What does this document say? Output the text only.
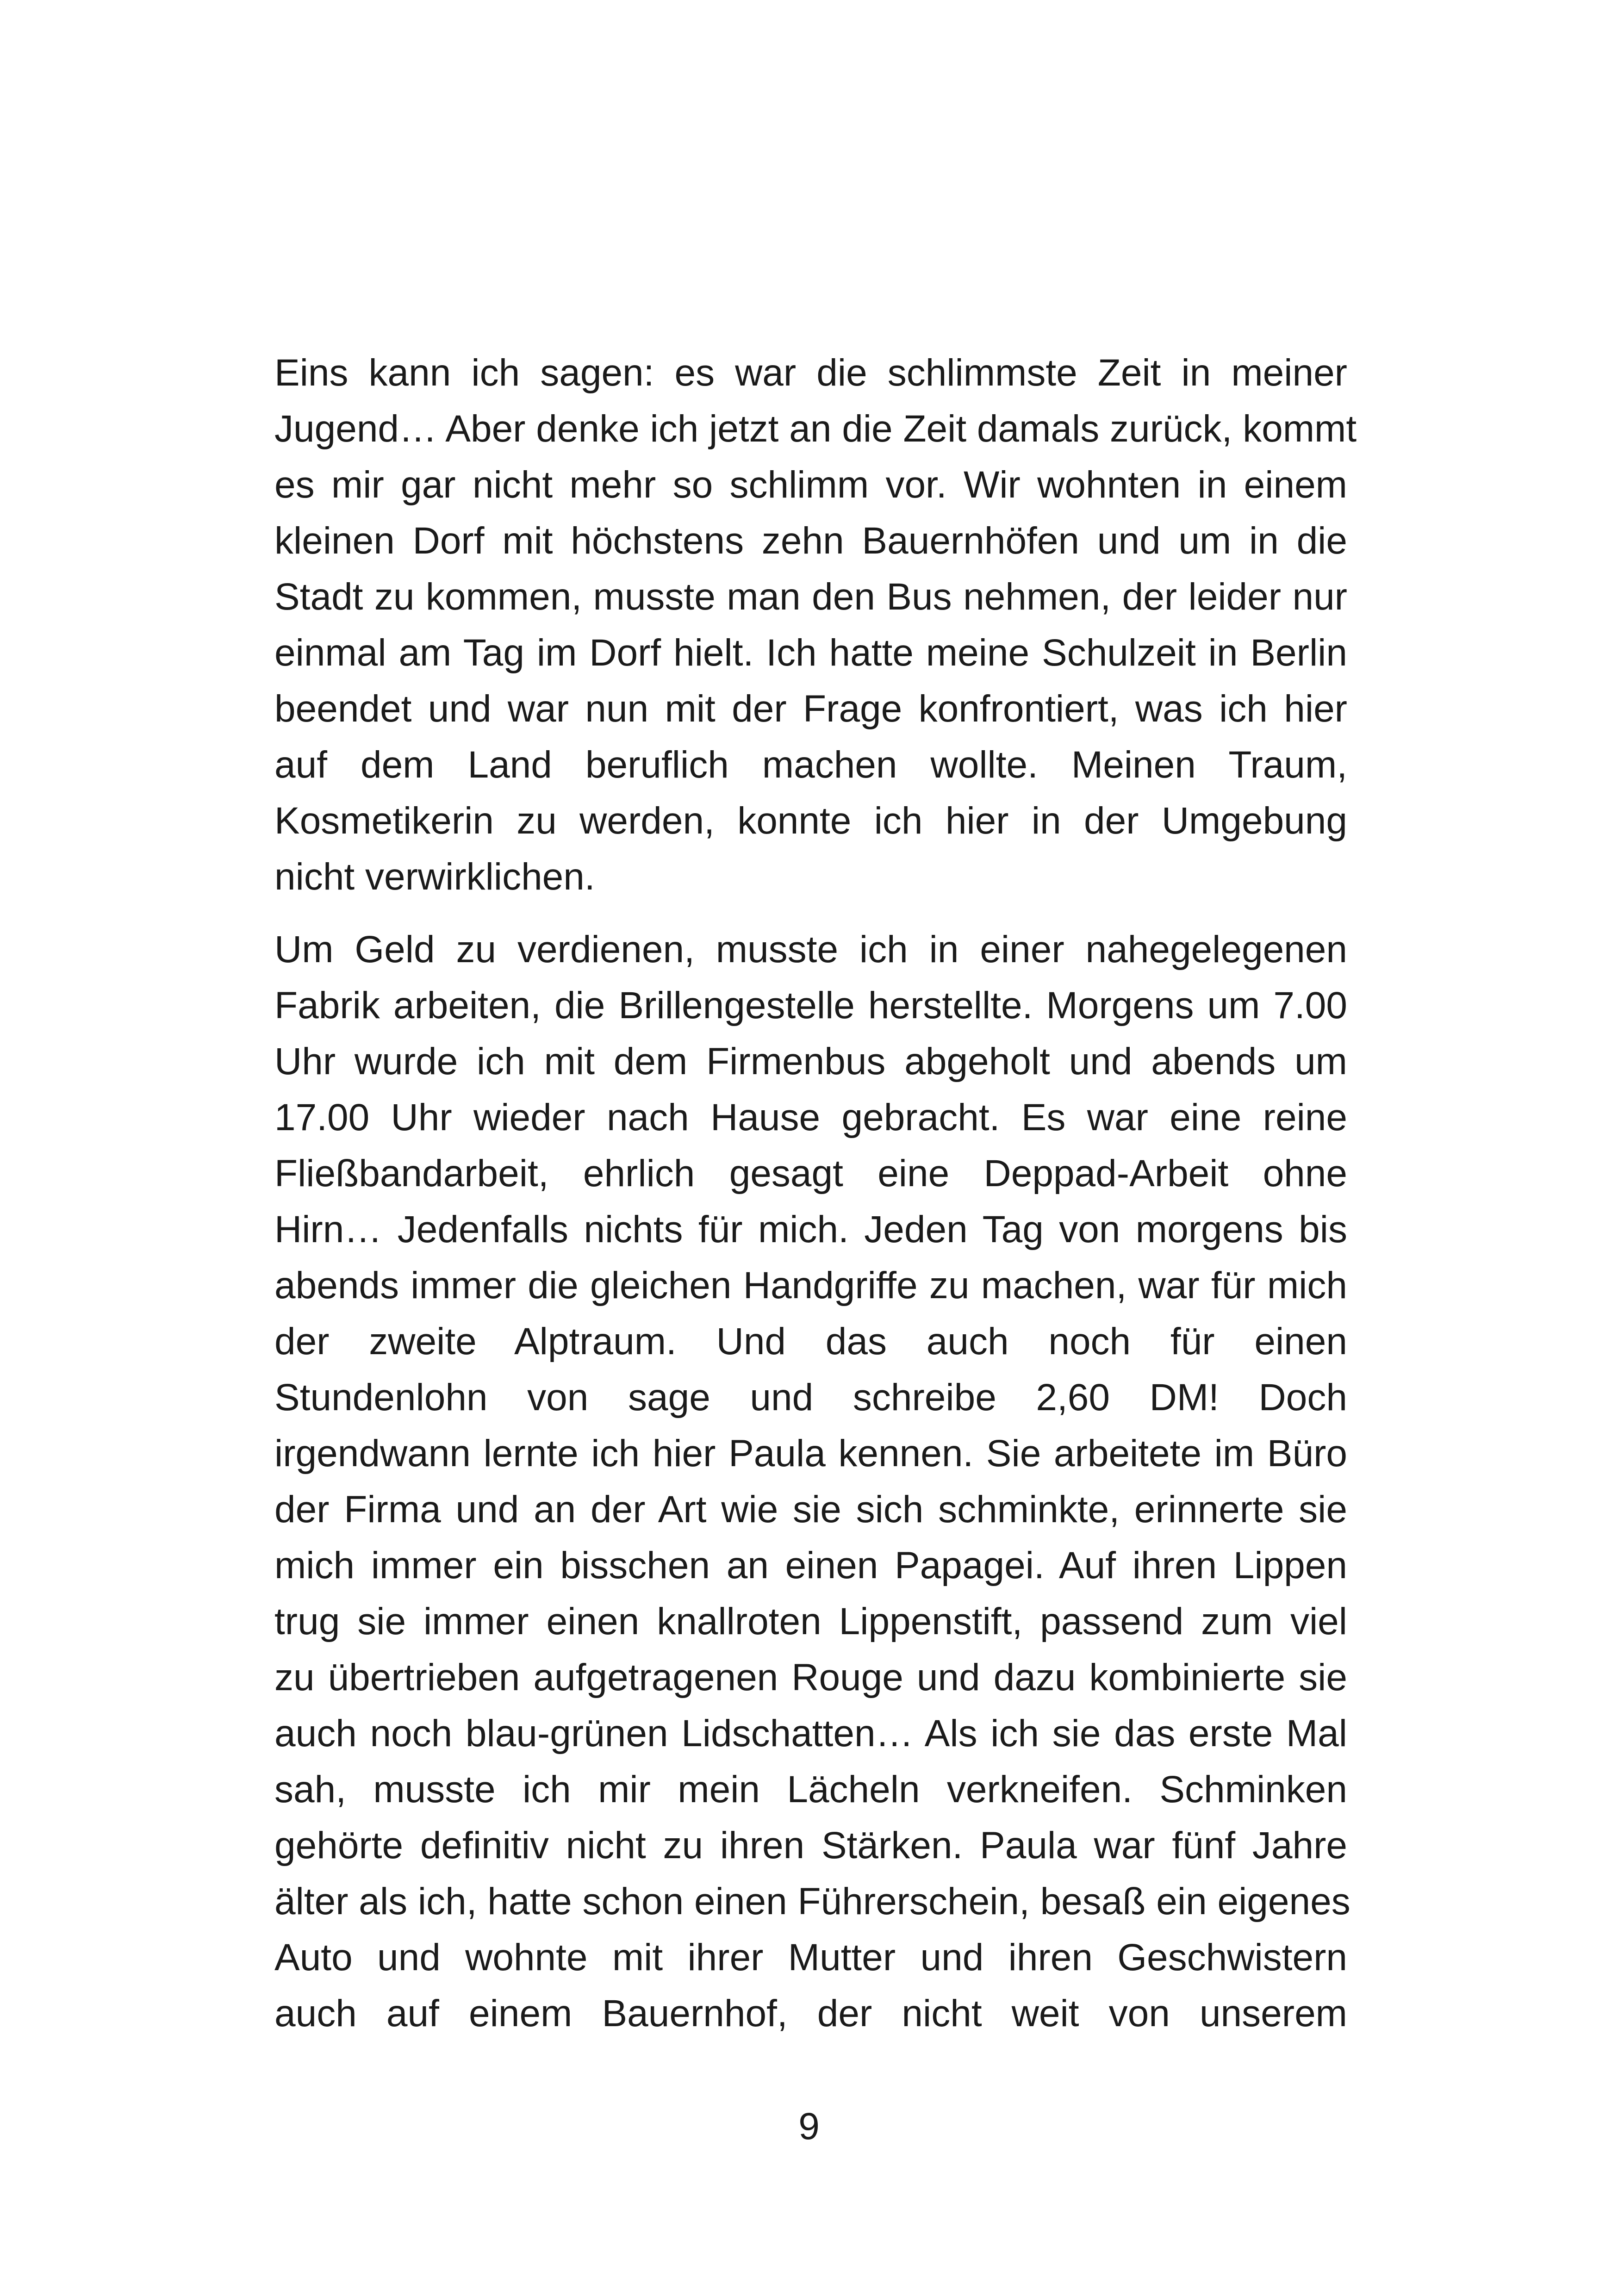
Eins kann ich sagen: es war die schlimmste Zeit in meiner
Jugend… Aber denke ich jetzt an die Zeit damals zurück, kommt
es mir gar nicht mehr so schlimm vor. Wir wohnten in einem
kleinen Dorf mit höchstens zehn Bauernhöfen und um in die
Stadt zu kommen, musste man den Bus nehmen, der leider nur
einmal am Tag im Dorf hielt. Ich hatte meine Schulzeit in Berlin
beendet und war nun mit der Frage konfrontiert, was ich hier
auf dem Land beruflich machen wollte. Meinen Traum,
Kosmetikerin zu werden, konnte ich hier in der Umgebung
nicht verwirklichen.

Um Geld zu verdienen, musste ich in einer nahegelegenen
Fabrik arbeiten, die Brillengestelle herstellte. Morgens um 7.00
Uhr wurde ich mit dem Firmenbus abgeholt und abends um
17.00 Uhr wieder nach Hause gebracht. Es war eine reine
Fließbandarbeit, ehrlich gesagt eine Deppad-Arbeit ohne
Hirn… Jedenfalls nichts für mich. Jeden Tag von morgens bis
abends immer die gleichen Handgriffe zu machen, war für mich
der zweite Alptraum. Und das auch noch für einen
Stundenlohn von sage und schreibe 2,60 DM! Doch
irgendwann lernte ich hier Paula kennen. Sie arbeitete im Büro
der Firma und an der Art wie sie sich schminkte, erinnerte sie
mich immer ein bisschen an einen Papagei. Auf ihren Lippen
trug sie immer einen knallroten Lippenstift, passend zum viel
zu übertrieben aufgetragenen Rouge und dazu kombinierte sie
auch noch blau-grünen Lidschatten… Als ich sie das erste Mal
sah, musste ich mir mein Lächeln verkneifen. Schminken
gehörte definitiv nicht zu ihren Stärken. Paula war fünf Jahre
älter als ich, hatte schon einen Führerschein, besaß ein eigenes
Auto und wohnte mit ihrer Mutter und ihren Geschwistern
auch auf einem Bauernhof, der nicht weit von unserem

9
